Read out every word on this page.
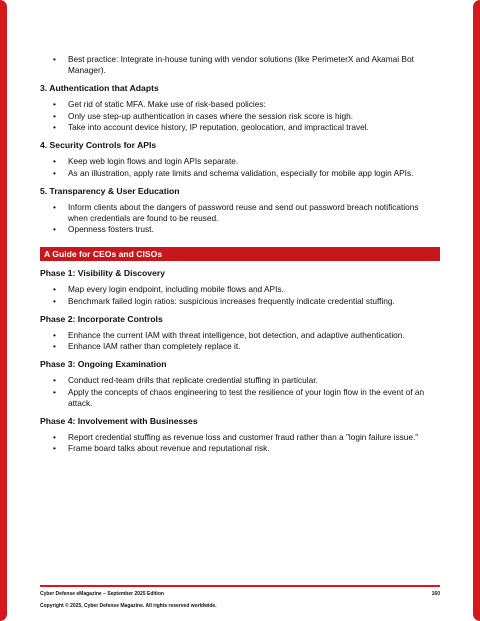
• Best practice: Integrate in-house tuning with vendor solutions (like PerimeterX and Akamai Bot Manager).
3. Authentication that Adapts
• Get rid of static MFA. Make use of risk-based policies:
• Only use step-up authentication in cases where the session risk score is high.
• Take into account device history, IP reputation, geolocation, and impractical travel.
4. Security Controls for APIs
• Keep web login flows and login APIs separate.
• As an illustration, apply rate limits and schema validation, especially for mobile app login APIs.
5. Transparency & User Education
• Inform clients about the dangers of password reuse and send out password breach notifications when credentials are found to be reused.
• Openness fosters trust.
A Guide for CEOs and CISOs
Phase 1: Visibility & Discovery
• Map every login endpoint, including mobile flows and APIs.
• Benchmark failed login ratios: suspicious increases frequently indicate credential stuffing.
Phase 2: Incorporate Controls
• Enhance the current IAM with threat intelligence, bot detection, and adaptive authentication.
• Enhance IAM rather than completely replace it.
Phase 3: Ongoing Examination
• Conduct red-team drills that replicate credential stuffing in particular.
• Apply the concepts of chaos engineering to test the resilience of your login flow in the event of an attack.
Phase 4: Involvement with Businesses
• Report credential stuffing as revenue loss and customer fraud rather than a "login failure issue."
• Frame board talks about revenue and reputational risk.
Cyber Defense eMagazine – September 2025 Edition	160
Copyright © 2025, Cyber Defense Magazine. All rights reserved worldwide.
